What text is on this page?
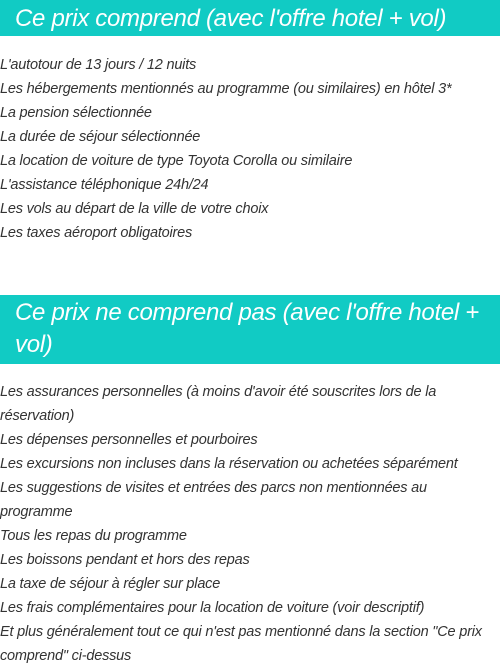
Ce prix comprend (avec l'offre hotel + vol)
L'autotour de 13 jours / 12 nuits
Les hébergements mentionnés au programme (ou similaires) en hôtel 3*
La pension sélectionnée
La durée de séjour sélectionnée
La location de voiture de type Toyota Corolla ou similaire
L'assistance téléphonique 24h/24
Les vols au départ de la ville de votre choix
Les taxes aéroport obligatoires
Ce prix ne comprend pas (avec l'offre hotel + vol)
Les assurances personnelles (à moins d'avoir été souscrites lors de la réservation)
Les dépenses personnelles et pourboires
Les excursions non incluses dans la réservation ou achetées séparément
Les suggestions de visites et entrées des parcs non mentionnées au programme
Tous les repas du programme
Les boissons pendant et hors des repas
La taxe de séjour à régler sur place
Les frais complémentaires pour la location de voiture (voir descriptif)
Et plus généralement tout ce qui n'est pas mentionné dans la section "Ce prix comprend" ci-dessus
